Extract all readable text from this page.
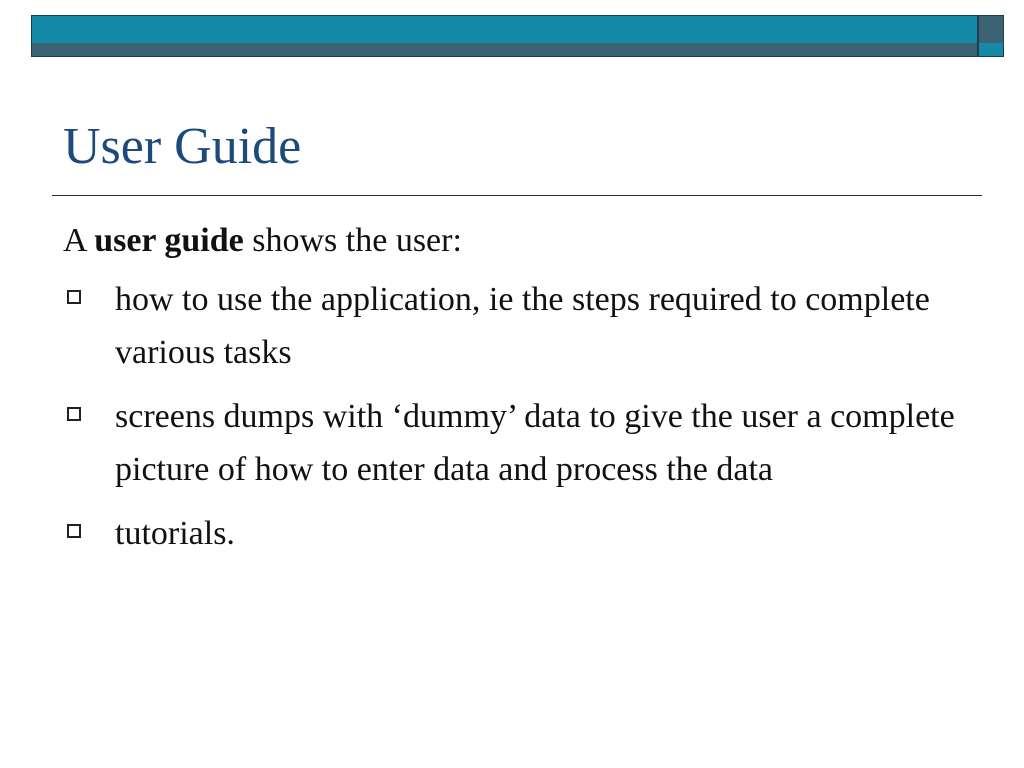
User Guide

A user guide shows the user:

how to use the application, ie the steps required to complete various tasks
screens dumps with ‘dummy’ data to give the user a complete picture of how to enter data and process the data
tutorials.
